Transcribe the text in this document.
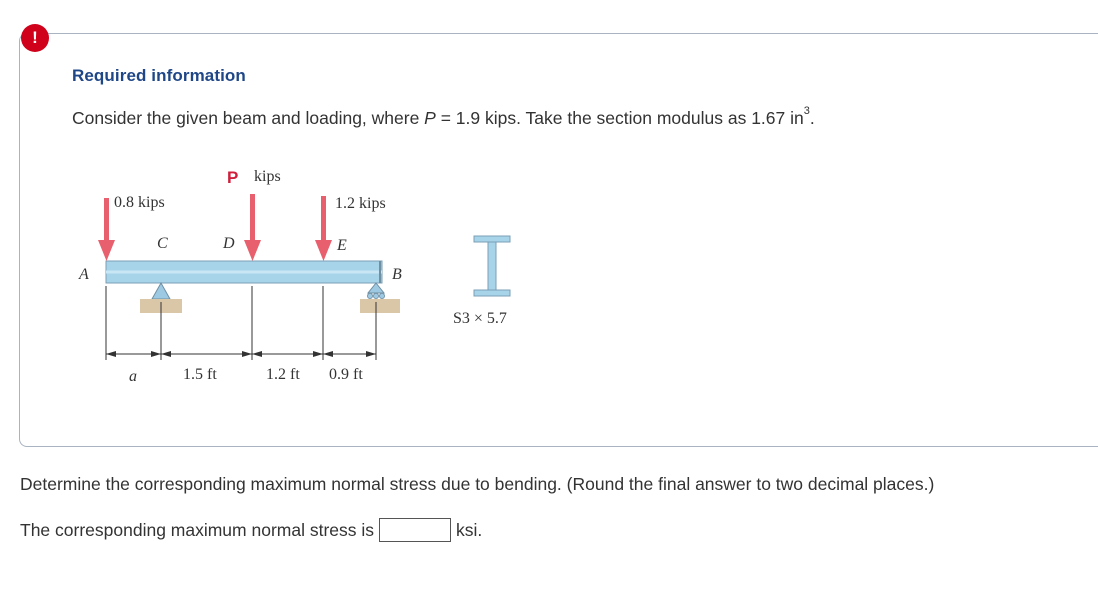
!
Required information
Consider the given beam and loading, where P = 1.9 kips. Take the section modulus as 1.67 $in^3$.
P kips
0.8 kips	1.2 kips
A	B
C	D	E
a	1.5 ft	1.2 ft 0.9 ft
S3 × 5.7
Determine the corresponding maximum normal stress due to bending. (Round the final answer to two decimal places.)
The corresponding maximum normal stress is	ksi.
